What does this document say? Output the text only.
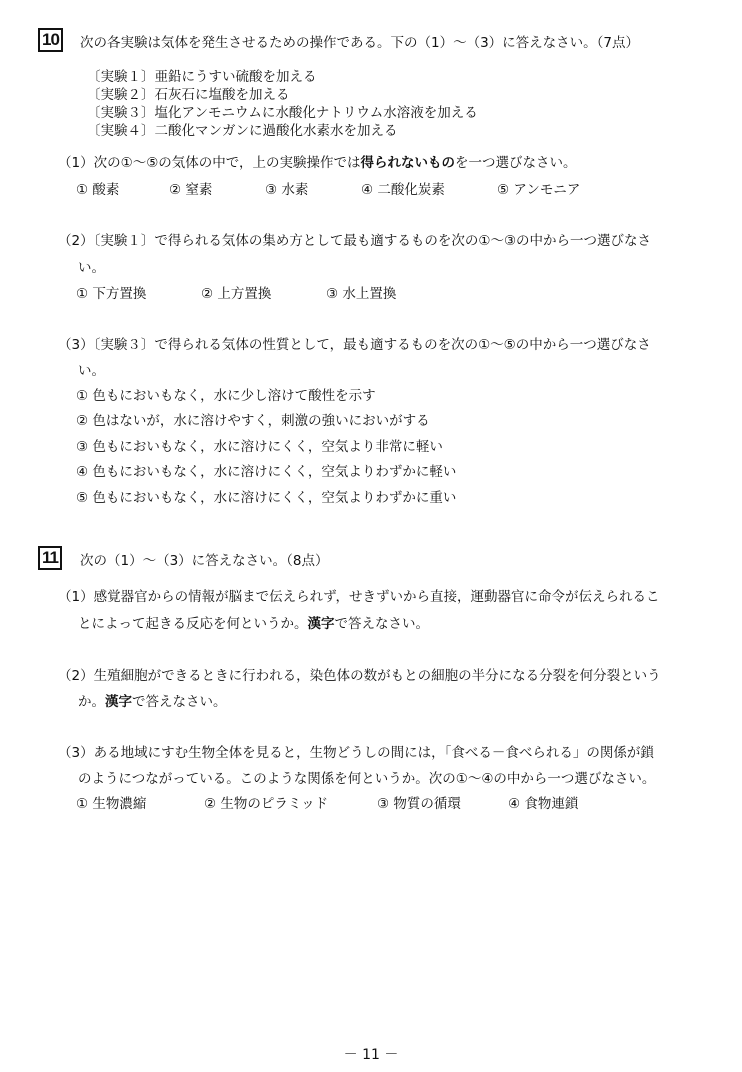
10 次の各実験は気体を発生させるための操作である。下の（1）～（3）に答えなさい。（7点）
〔実験１〕亜鉛にうすい硫酸を加える
〔実験２〕石灰石に塩酸を加える
〔実験３〕塩化アンモニウムに水酸化ナトリウム水溶液を加える
〔実験４〕二酸化マンガンに過酸化水素水を加える
（1）次の①～⑤の気体の中で，上の実験操作では得られないものを一つ選びなさい。
① 酸素	② 窒素	③ 水素	④ 二酸化炭素	⑤ アンモニア
（2）〔実験１〕で得られる気体の集め方として最も適するものを次の①～③の中から一つ選びなさ
い。
① 下方置換	② 上方置換	③ 水上置換
（3）〔実験３〕で得られる気体の性質として，最も適するものを次の①～⑤の中から一つ選びなさ
い。
① 色もにおいもなく，水に少し溶けて酸性を示す
② 色はないが，水に溶けやすく，刺激の強いにおいがする
③ 色もにおいもなく，水に溶けにくく，空気より非常に軽い
④ 色もにおいもなく，水に溶けにくく，空気よりわずかに軽い
⑤ 色もにおいもなく，水に溶けにくく，空気よりわずかに重い
11 次の（1）～（3）に答えなさい。（8点）
（1）感覚器官からの情報が脳まで伝えられず，せきずいから直接，運動器官に命令が伝えられるこ
とによって起きる反応を何というか。漢字で答えなさい。
（2）生殖細胞ができるときに行われる，染色体の数がもとの細胞の半分になる分裂を何分裂という
か。漢字で答えなさい。
（3）ある地域にすむ生物全体を見ると，生物どうしの間には，「食べる－食べられる」の関係が鎖
のようにつながっている。このような関係を何というか。次の①～④の中から一つ選びなさい。
① 生物濃縮	② 生物のピラミッド	③ 物質の循環	④ 食物連鎖
－ 11 －
